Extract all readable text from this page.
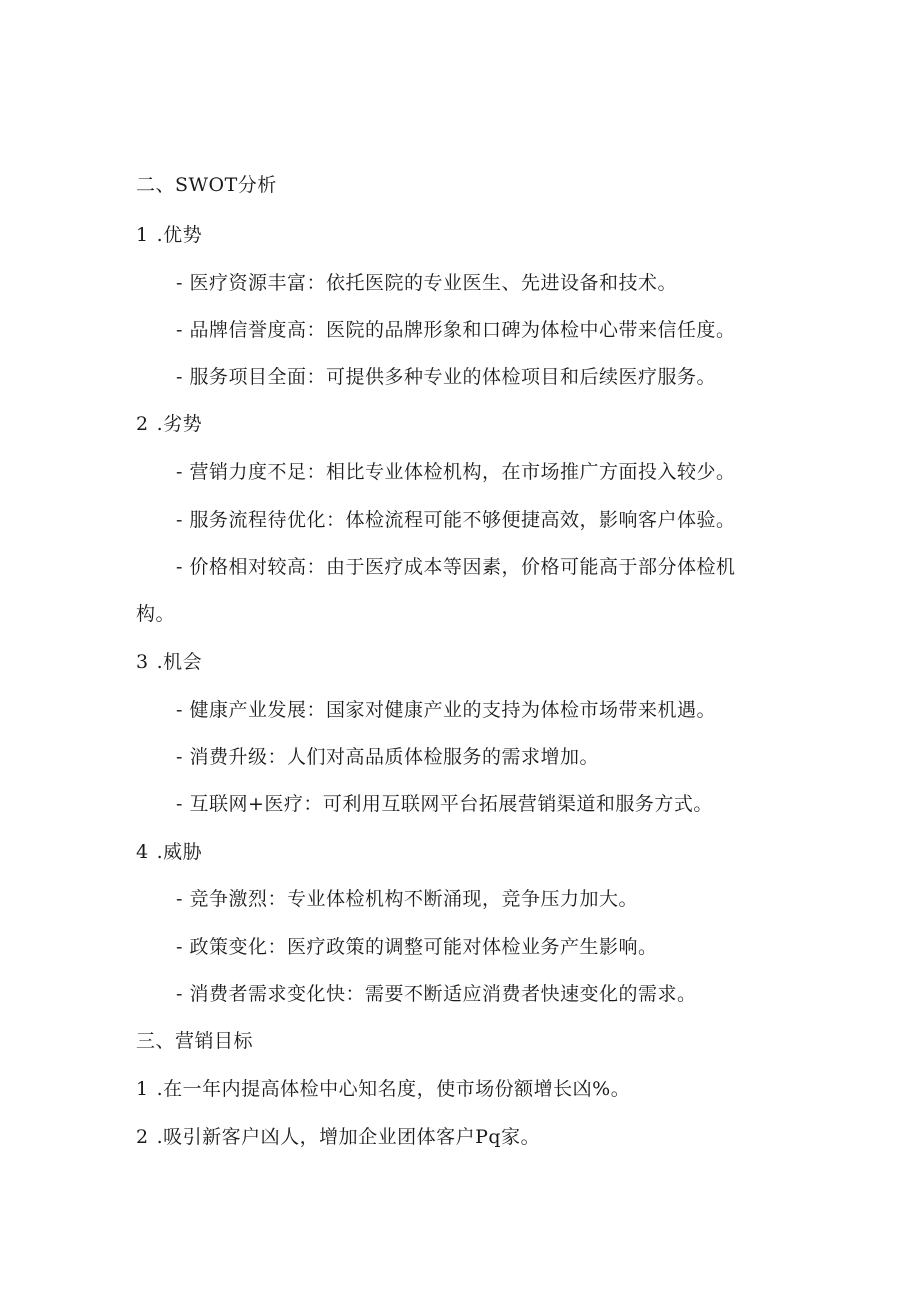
二、SWOT分析
1 .优势
- 医疗资源丰富：依托医院的专业医生、先进设备和技术。
- 品牌信誉度高：医院的品牌形象和口碑为体检中心带来信任度。
- 服务项目全面：可提供多种专业的体检项目和后续医疗服务。
2 .劣势
- 营销力度不足：相比专业体检机构，在市场推广方面投入较少。
- 服务流程待优化：体检流程可能不够便捷高效，影响客户体验。
- 价格相对较高：由于医疗成本等因素，价格可能高于部分体检机
构。
3 .机会
- 健康产业发展：国家对健康产业的支持为体检市场带来机遇。
- 消费升级：人们对高品质体检服务的需求增加。
- 互联网+医疗：可利用互联网平台拓展营销渠道和服务方式。
4 .威胁
- 竞争激烈：专业体检机构不断涌现，竞争压力加大。
- 政策变化：医疗政策的调整可能对体检业务产生影响。
- 消费者需求变化快：需要不断适应消费者快速变化的需求。
三、营销目标
1 .在一年内提高体检中心知名度，使市场份额增长凶%。
2 .吸引新客户凶人，增加企业团体客户Pq家。
